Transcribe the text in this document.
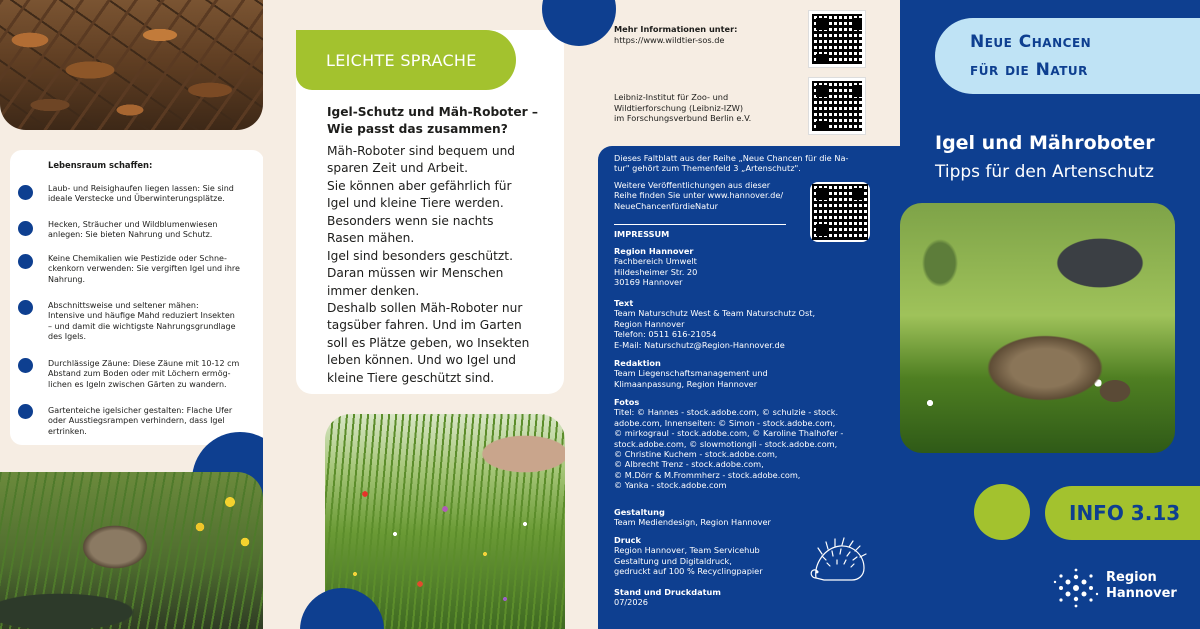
Lebensraum schaffen:
Laub- und Reisighaufen liegen lassen: Sie sind
ideale Verstecke und Überwinterungsplätze.
Hecken, Sträucher und Wildblumenwiesen
anlegen: Sie bieten Nahrung und Schutz.
Keine Chemikalien wie Pestizide oder Schne-
ckenkorn verwenden: Sie vergiften Igel und ihre
Nahrung.
Abschnittsweise und seltener mähen:
Intensive und häufige Mahd reduziert Insekten
– und damit die wichtigste Nahrungsgrundlage
des Igels.
Durchlässige Zäune: Diese Zäune mit 10-12 cm
Abstand zum Boden oder mit Löchern ermög-
lichen es Igeln zwischen Gärten zu wandern.
Gartenteiche igelsicher gestalten: Flache Ufer
oder Ausstiegsrampen verhindern, dass Igel
ertrinken.
LEICHTE SPRACHE
Igel-Schutz und Mäh-Roboter –
Wie passt das zusammen?
Mäh-Roboter sind bequem und
sparen Zeit und Arbeit.
Sie können aber gefährlich für
Igel und kleine Tiere werden.
Besonders wenn sie nachts
Rasen mähen.
Igel sind besonders geschützt.
Daran müssen wir Menschen
immer denken.
Deshalb sollen Mäh-Roboter nur
tagsüber fahren. Und im Garten
soll es Plätze geben, wo Insekten
leben können. Und wo Igel und
kleine Tiere geschützt sind.
Mehr Informationen unter:
https://www.wildtier-sos.de
Leibniz-Institut für Zoo- und
Wildtierforschung (Leibniz-IZW)
im Forschungsverbund Berlin e.V.
Dieses Faltblatt aus der Reihe „Neue Chancen für die Na-
tur" gehört zum Themenfeld 3 „Artenschutz".
Weitere Veröffentlichungen aus dieser
Reihe finden Sie unter www.hannover.de/
NeueChancenfürdieNatur
IMPRESSUM
Region Hannover
Fachbereich Umwelt
Hildesheimer Str. 20
30169 Hannover
Text
Team Naturschutz West & Team Naturschutz Ost,
Region Hannover
Telefon: 0511 616-21054
E-Mail: Naturschutz@Region-Hannover.de
Redaktion
Team Liegenschaftsmanagement und
Klimaanpassung, Region Hannover
Fotos
Titel: © Hannes - stock.adobe.com, © schulzie - stock.
adobe.com, Innenseiten: © Simon - stock.adobe.com,
© mirkograul - stock.adobe.com, © Karoline Thalhofer -
stock.adobe.com, © slowmotiongli - stock.adobe.com,
© Christine Kuchem - stock.adobe.com,
© Albrecht Trenz - stock.adobe.com,
© M.Dörr & M.Frommherz - stock.adobe.com,
© Yanka - stock.adobe.com
Gestaltung
Team Mediendesign, Region Hannover
Druck
Region Hannover, Team Servicehub
Gestaltung und Digitaldruck,
gedruckt auf 100 % Recyclingpapier
Stand und Druckdatum
07/2026
Neue Chancen
für die Natur
Igel und Mähroboter
Tipps für den Artenschutz
INFO 3.13
Region
Hannover
